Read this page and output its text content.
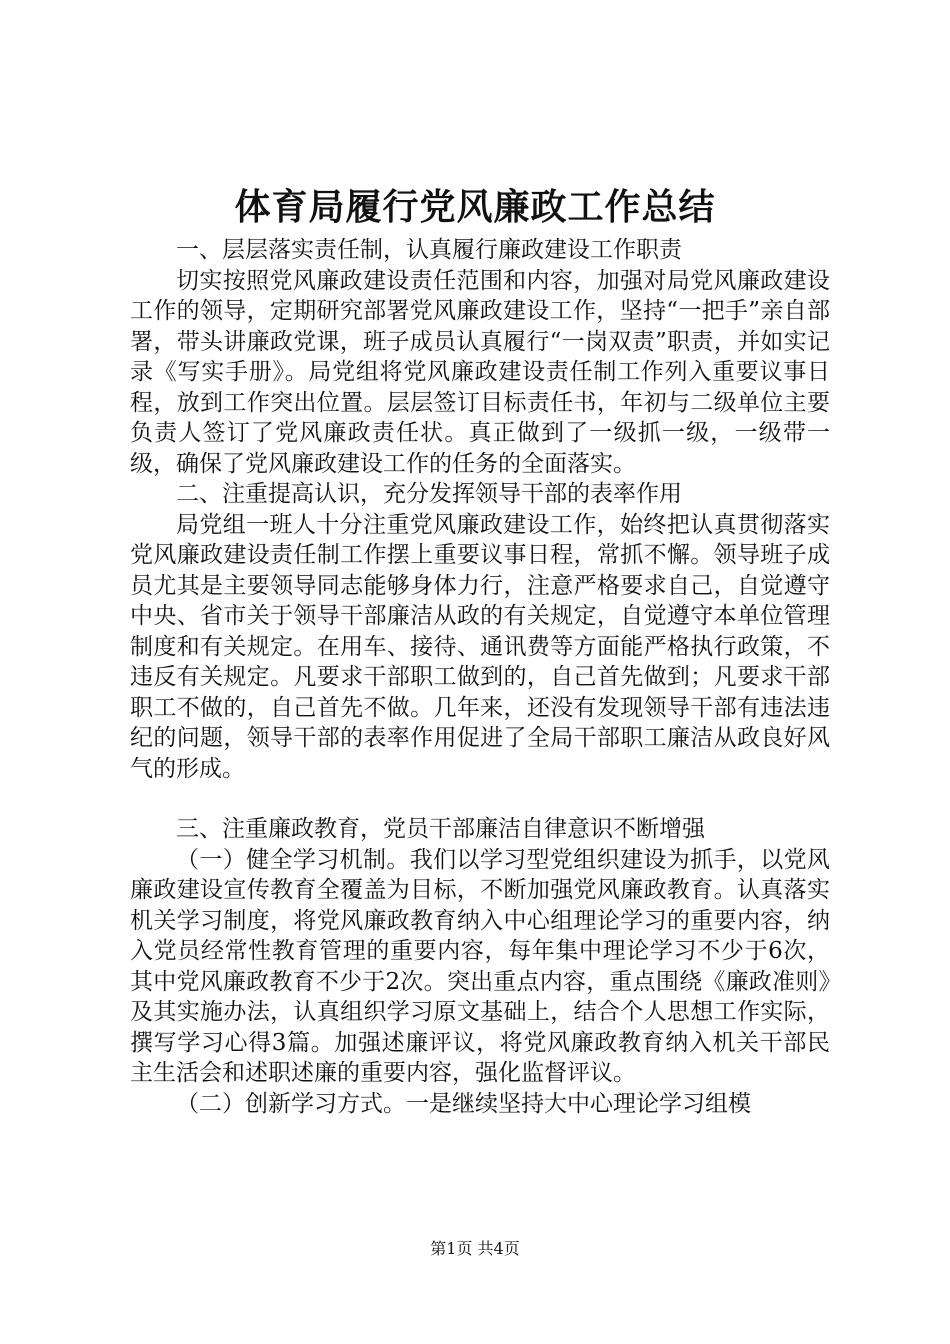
体育局履行党风廉政工作总结

一、层层落实责任制，认真履行廉政建设工作职责

切实按照党风廉政建设责任范围和内容，加强对局党风廉政建设工作的领导，定期研究部署党风廉政建设工作，坚持“一把手”亲自部署，带头讲廉政党课，班子成员认真履行“一岗双责”职责，并如实记录《写实手册》。局党组将党风廉政建设责任制工作列入重要议事日程，放到工作突出位置。层层签订目标责任书，年初与二级单位主要负责人签订了党风廉政责任状。真正做到了一级抓一级，一级带一级，确保了党风廉政建设工作的任务的全面落实。

二、注重提高认识，充分发挥领导干部的表率作用

局党组一班人十分注重党风廉政建设工作，始终把认真贯彻落实党风廉政建设责任制工作摆上重要议事日程，常抓不懈。领导班子成员尤其是主要领导同志能够身体力行，注意严格要求自己，自觉遵守中央、省市关于领导干部廉洁从政的有关规定，自觉遵守本单位管理制度和有关规定。在用车、接待、通讯费等方面能严格执行政策，不违反有关规定。凡要求干部职工做到的，自己首先做到；凡要求干部职工不做的，自己首先不做。几年来，还没有发现领导干部有违法违纪的问题，领导干部的表率作用促进了全局干部职工廉洁从政良好风气的形成。

三、注重廉政教育，党员干部廉洁自律意识不断增强

（一）健全学习机制。我们以学习型党组织建设为抓手，以党风廉政建设宣传教育全覆盖为目标，不断加强党风廉政教育。认真落实机关学习制度，将党风廉政教育纳入中心组理论学习的重要内容，纳入党员经常性教育管理的重要内容，每年集中理论学习不少于6次，其中党风廉政教育不少于2次。突出重点内容，重点围绕《廉政准则》及其实施办法，认真组织学习原文基础上，结合个人思想工作实际，撰写学习心得3篇。加强述廉评议，将党风廉政教育纳入机关干部民主生活会和述职述廉的重要内容，强化监督评议。

（二）创新学习方式。一是继续坚持大中心理论学习组模

第1页 共4页
